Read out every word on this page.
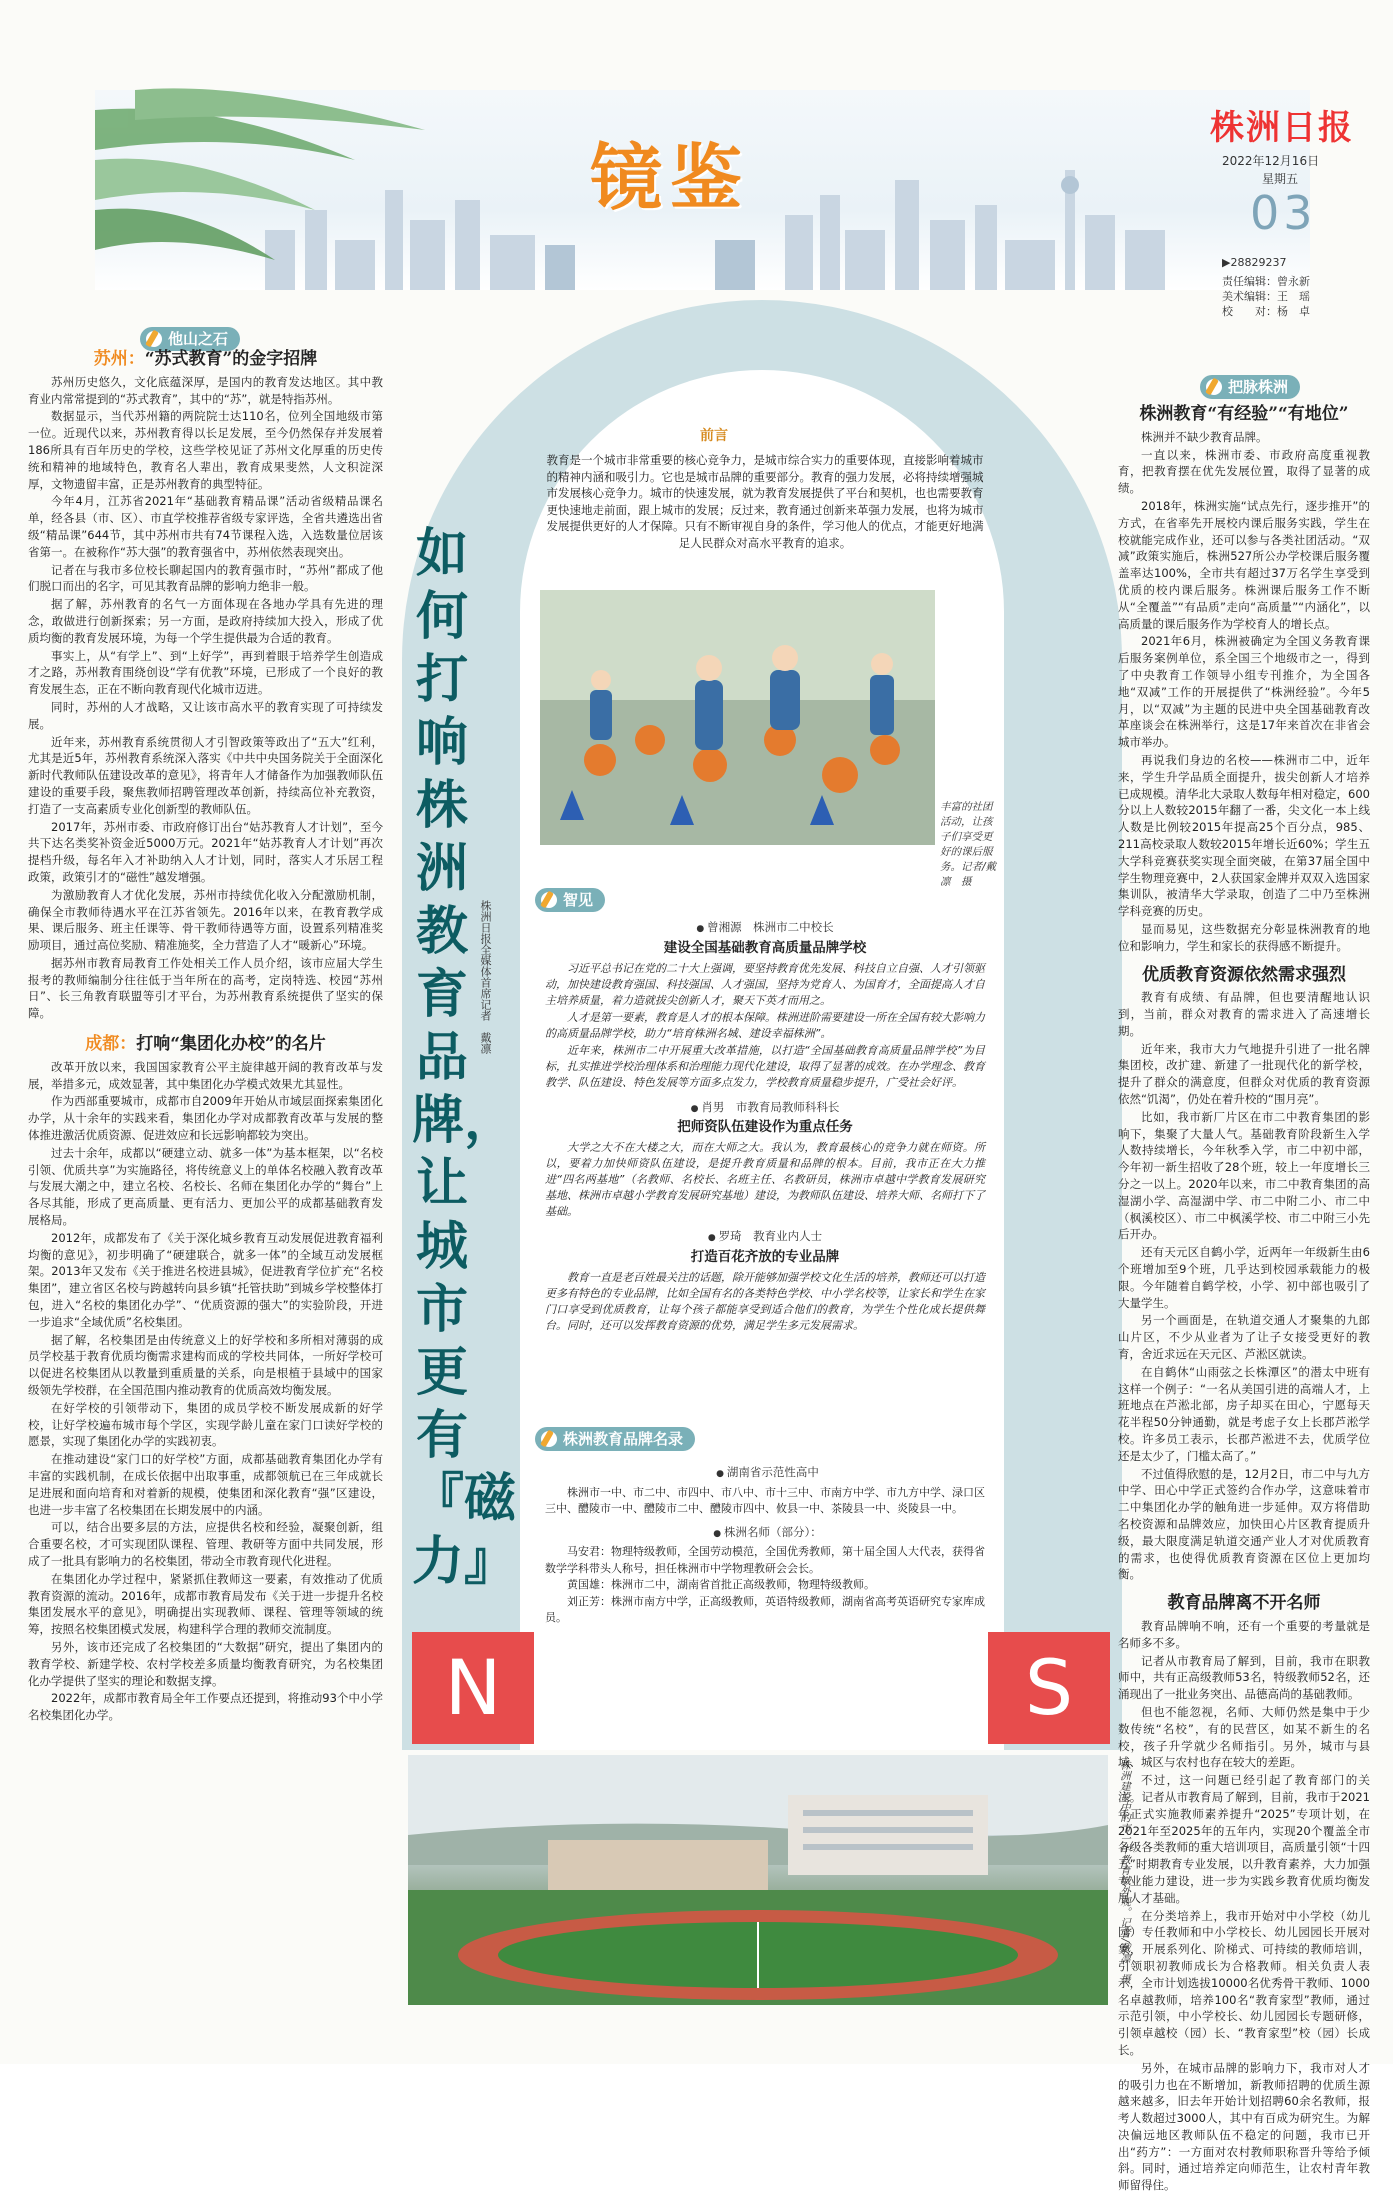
镜鉴
株洲日报
2022年12月16日
星期五
03
▶28829237
责任编辑：曾永新
美术编辑：王　瑶
校　　对：杨　卓
他山之石
苏州：“苏式教育”的金字招牌

苏州历史悠久，文化底蕴深厚，是国内的教育发达地区。其中教育业内常常提到的“苏式教育”，其中的“苏”，就是特指苏州。

数据显示，当代苏州籍的两院院士达110名，位列全国地级市第一位。近现代以来，苏州教育得以长足发展，至今仍然保存并发展着186所具有百年历史的学校，这些学校见证了苏州文化厚重的历史传统和精神的地域特色，教育名人辈出，教育成果斐然，人文积淀深厚，文物遗留丰富，正是苏州教育的典型特征。

今年4月，江苏省2021年“基础教育精品课”活动省级精品课名单，经各县（市、区）、市直学校推荐省级专家评选，全省共遴选出省级“精品课”644节，其中苏州市共有74节课程入选，入选数量位居该省第一。在被称作“苏大强”的教育强省中，苏州依然表现突出。

记者在与我市多位校长聊起国内的教育强市时，“苏州”都成了他们脱口而出的名字，可见其教育品牌的影响力绝非一般。

据了解，苏州教育的名气一方面体现在各地办学具有先进的理念，敢做进行创新探索；另一方面，是政府持续加大投入，形成了优质均衡的教育发展环境，为每一个学生提供最为合适的教育。

事实上，从“有学上”、到“上好学”，再到着眼于培养学生创造成才之路，苏州教育围绕创设“学有优教”环境，已形成了一个良好的教育发展生态，正在不断向教育现代化城市迈进。

同时，苏州的人才战略，又让该市高水平的教育实现了可持续发展。

近年来，苏州教育系统贯彻人才引智政策等政出了“五大”红利，尤其是近5年，苏州教育系统深入落实《中共中央国务院关于全面深化新时代教师队伍建设改革的意见》，将青年人才储备作为加强教师队伍建设的重要手段，聚焦教师招聘管理改革创新，持续高位补充教资，打造了一支高素质专业化创新型的教师队伍。

2017年，苏州市委、市政府修订出台“姑苏教育人才计划”，至今共下达名类奖补资金近5000万元。2021年“姑苏教育人才计划”再次提档升级，每名年入才补助纳入人才计划，同时，落实人才乐居工程政策，政策引才的“磁性”越发增强。

为激励教育人才优化发展，苏州市持续优化收入分配激励机制，确保全市教师待遇水平在江苏省领先。2016年以来，在教育教学成果、课后服务、班主任课等、骨干教师待遇等方面，设置系列精准奖励项目，通过高位奖励、精准施奖，全力营造了人才“暖新心”环境。

据苏州市教育局教育工作处相关工作人员介绍，该市应届大学生报考的教师编制分往往低于当年所在的高考，定岗特选、校园“苏州日”、长三角教育联盟等引才平台，为苏州教育系统提供了坚实的保障。

成都：打响“集团化办校”的名片

改革开放以来，我国国家教育公平主旋律越开阔的教育改革与发展，举措多元，成效显著，其中集团化办学模式效果尤其显性。

作为西部重要城市，成都市自2009年开始从市域层面探索集团化办学，从十余年的实践来看，集团化办学对成都教育改革与发展的整体推进激活优质资源、促进效应和长远影响都较为突出。

过去十余年，成都以“硬建立动、就多一体”为基本框架，以“名校引领、优质共享”为实施路径，将传统意义上的单体名校融入教育改革与发展大潮之中，建立名校、名校长、名师在集团化办学的“舞台”上各尽其能，形成了更高质量、更有活力、更加公平的成都基础教育发展格局。

2012年，成都发布了《关于深化城乡教育互动发展促进教育福利均衡的意见》，初步明确了“硬建联合，就多一体”的全域互动发展框架。2013年又发布《关于推进名校进县城》，促进教育学位扩充“名校集团”，建立省区名校与跨越转向县乡镇“托管扶助”到城乡学校整体打包，进入“名校的集团化办学”、“优质资源的强大”的实验阶段，开进一步追求“全域优质”名校集团。

据了解，名校集团是由传统意义上的好学校和多所相对薄弱的成员学校基于教育优质均衡需求建构而成的学校共同体，一所好学校可以促进名校集团从以教量到重质量的关系，向是根植于县域中的国家级领先学校群，在全国范围内推动教育的优质高效均衡发展。

在好学校的引领带动下，集团的成员学校不断发展成新的好学校，让好学校遍布城市每个学区，实现学龄儿童在家门口读好学校的愿景，实现了集团化办学的实践初衷。

在推动建设“家门口的好学校”方面，成都基础教育集团化办学有丰富的实践机制，在成长依据中出取事重，成都领航已在三年成就长足进展和面向培育和对着新的规模，使集团和深化教育“强”区建设，也进一步丰富了名校集团在长期发展中的内涵。

可以，结合出要多层的方法，应提供名校和经验，凝聚创新，组合重要名校，才可实现团队课程、管理、教研等方面中共同发展，形成了一批具有影响力的名校集团，带动全市教育现代化进程。

在集团化办学过程中，紧紧抓住教师这一要素，有效推动了优质教育资源的流动。2016年，成都市教育局发布《关于进一步提升名校集团发展水平的意见》，明确提出实现教师、课程、管理等领域的统筹，按照名校集团模式发展，构建科学合理的教师交流制度。

另外，该市还完成了名校集团的“大数据”研究，提出了集团内的教育学校、新建学校、农村学校差多质量均衡教育研究，为名校集团化办学提供了坚实的理论和数据支撑。

2022年，成都市教育局全年工作要点还提到，将推动93个中小学名校集团化办学。

如何打响株洲教育品牌，让城市更有『磁力』
株洲日报全媒体首席记者　戴凛
前言
教育是一个城市非常重要的核心竞争力，是城市综合实力的重要体现，直接影响着城市的精神内涵和吸引力。它也是城市品牌的重要部分。教育的强力发展，必将持续增强城市发展核心竞争力。城市的快速发展，就为教育发展提供了平台和契机，也也需要教育更快速地走前面，跟上城市的发展；反过来，教育通过创新来革强力发展，也将为城市发展提供更好的人才保障。只有不断审视自身的条件，学习他人的优点，才能更好地满足人民群众对高水平教育的追求。
丰富的社团活动，让孩子们享受更好的课后服务。记者/戴凛　摄
智见
● 曾湘源　株洲市二中校长
建设全国基础教育高质量品牌学校

习近平总书记在党的二十大上强调，要坚持教育优先发展、科技自立自强、人才引领驱动，加快建设教育强国、科技强国、人才强国，坚持为党育人、为国育才，全面提高人才自主培养质量，着力造就拔尖创新人才，聚天下英才而用之。

人才是第一要素，教育是人才的根本保障。株洲进阶需要建设一所在全国有较大影响力的高质量品牌学校，助力“培育株洲名城、建设幸福株洲”。

近年来，株洲市二中开展重大改革措施，以打造“全国基础教育高质量品牌学校”为目标，扎实推进学校治理体系和治理能力现代化建设，取得了显著的成效。在办学理念、教育教学、队伍建设、特色发展等方面多点发力，学校教育质量稳步提升，广受社会好评。

● 肖男　市教育局教师科科长
把师资队伍建设作为重点任务

大学之大不在大楼之大，而在大师之大。我认为，教育最核心的竞争力就在师资。所以，要着力加快师资队伍建设，是提升教育质量和品牌的根本。目前，我市正在大力推进“四名两基地”（名教师、名校长、名班主任、名教研员，株洲市卓越中学教育发展研究基地、株洲市卓越小学教育发展研究基地）建设，为教师队伍建设、培养大师、名师打下了基础。

● 罗琦　教育业内人士
打造百花齐放的专业品牌

教育一直是老百姓最关注的话题，除开能够加强学校文化生活的培养，教师还可以打造更多有特色的专业品牌，比如全国有名的各类特色学校、中小学名校等，让家长和学生在家门口享受到优质教育，让每个孩子都能享受到适合他们的教育，为学生个性化成长提供舞台。同时，还可以发挥教育资源的优势，满足学生多元发展需求。

株洲教育品牌名录
● 湖南省示范性高中
株洲市一中、市二中、市四中、市八中、市十三中、市南方中学、市九方中学、渌口区三中、醴陵市一中、醴陵市二中、醴陵市四中、攸县一中、茶陵县一中、炎陵县一中。
● 株洲名师（部分）：
马安君：物理特级教师，全国劳动模范，全国优秀教师，第十届全国人大代表，获得省数学学科带头人称号，担任株洲市中学物理教研会会长。
黄国雄：株洲市二中，湖南省首批正高级教师，物理特级教师。
刘正芳：株洲市南方中学，正高级教师，英语特级教师，湖南省高考英语研究专家库成员。
N	S
株洲建设中的市一中教育城外观。记者/戴凛　摄
把脉株洲
株洲教育“有经验”“有地位”

株洲并不缺少教育品牌。

一直以来，株洲市委、市政府高度重视教育，把教育摆在优先发展位置，取得了显著的成绩。

2018年，株洲实施“试点先行，逐步推开”的方式，在省率先开展校内课后服务实践，学生在校就能完成作业，还可以参与各类社团活动。“双减”政策实施后，株洲527所公办学校课后服务覆盖率达100%，全市共有超过37万名学生享受到优质的校内课后服务。株洲课后服务工作不断从“全覆盖”“有品质”走向“高质量”“内涵化”，以高质量的课后服务作为学校育人的增长点。

2021年6月，株洲被确定为全国义务教育课后服务案例单位，系全国三个地级市之一，得到了中央教育工作领导小组专刊推介，为全国各地“双减”工作的开展提供了“株洲经验”。今年5月，以“双减”为主题的民进中央全国基础教育改革座谈会在株洲举行，这是17年来首次在非省会城市举办。

再说我们身边的名校——株洲市二中，近年来，学生升学品质全面提升，拔尖创新人才培养已成规模。清华北大录取人数每年相对稳定，600分以上人数较2015年翻了一番，尖文化一本上线人数是比例较2015年提高25个百分点，985、211高校录取人数较2015年增长近60%；学生五大学科竞赛获奖实现全面突破，在第37届全国中学生物理竞赛中，2人获国家金牌并双双入选国家集训队，被清华大学录取，创造了二中乃至株洲学科竞赛的历史。

显而易见，这些数据充分彰显株洲教育的地位和影响力，学生和家长的获得感不断提升。

优质教育资源依然需求强烈

教育有成绩、有品牌，但也要清醒地认识到，当前，群众对教育的需求进入了高速增长期。

近年来，我市大力气地提升引进了一批名牌集团校，改扩建、新建了一批现代化的新学校，提升了群众的满意度，但群众对优质的教育资源依然“饥渴”，仍处在着升校的“围月亮”。

比如，我市新厂片区在市二中教育集团的影响下，集聚了大量人气。基础教育阶段新生入学人数持续增长，今年秋季入学，市二中初中部，今年初一新生招收了28个班，较上一年度增长三分之一以上。2020年以来，市二中教育集团的高湿湖小学、高湿湖中学、市二中附二小、市二中（枫溪校区）、市二中枫溪学校、市二中附三小先后开办。

还有天元区自鹤小学，近两年一年级新生由6个班增加至9个班，几乎达到校园承载能力的极限。今年随着自鹤学校，小学、初中部也吸引了大量学生。

另一个画面是，在轨道交通人才聚集的九郎山片区，不少从业者为了让子女接受更好的教育，舍近求远在天元区、芦淞区就读。

在自鹤休“山雨弦之长株潭区”的潜太中班有这样一个例子：“一名从美国引进的高端人才，上班地点在芦淞北部，房子却买在田心，宁愿每天花半程50分钟通勤，就是考虑子女上长郡芦淞学校。许多员工表示，长郡芦淞进不去，优质学位还是太少了，门槛太高了。”

不过值得欣慰的是，12月2日，市二中与九方中学、田心中学正式签约合作办学，这意味着市二中集团化办学的触角进一步延伸。双方将借助名校资源和品牌效应，加快田心片区教育提质升级，最大限度满足轨道交通产业人才对优质教育的需求，也使得优质教育资源在区位上更加均衡。

教育品牌离不开名师

教育品牌响不响，还有一个重要的考量就是名师多不多。

记者从市教育局了解到，目前，我市在职教师中，共有正高级教师53名，特级教师52名，还涌现出了一批业务突出、品德高尚的基础教师。

但也不能忽视，名师、大师仍然是集中于少数传统“名校”，有的民营区，如某不新生的名校，孩子升学就少名师指引。另外，城市与县域、城区与农村也存在较大的差距。

不过，这一问题已经引起了教育部门的关注。记者从市教育局了解到，目前，我市于2021年正式实施教师素养提升“2025”专项计划，在2021年至2025年的五年内，实现20个覆盖全市各级各类教师的重大培训项目，高质量引领“十四五”时期教育专业发展，以升教育素养，大力加强专业能力建设，进一步为实践乡教育优质均衡发展人才基础。

在分类培养上，我市开始对中小学校（幼儿园）专任教师和中小学校长、幼儿园园长开展对象，开展系列化、阶梯式、可持续的教师培训，引领职初教师成长为合格教师。相关负责人表示，全市计划选拔10000名优秀骨干教师、1000名卓越教师，培养100名“教育家型”教师，通过示范引领，中小学校长、幼儿园园长专题研修，引领卓越校（园）长、“教育家型”校（园）长成长。

另外，在城市品牌的影响力下，我市对人才的吸引力也在不断增加，新教师招聘的优质生源越来越多，旧去年开始计划招聘60余名教师，报考人数超过3000人，其中有百成为研究生。为解决偏远地区教师队伍不稳定的问题，我市已开出“药方”：一方面对农村教师职称晋升等给予倾斜。同时，通过培养定向师范生，让农村青年教师留得住。
